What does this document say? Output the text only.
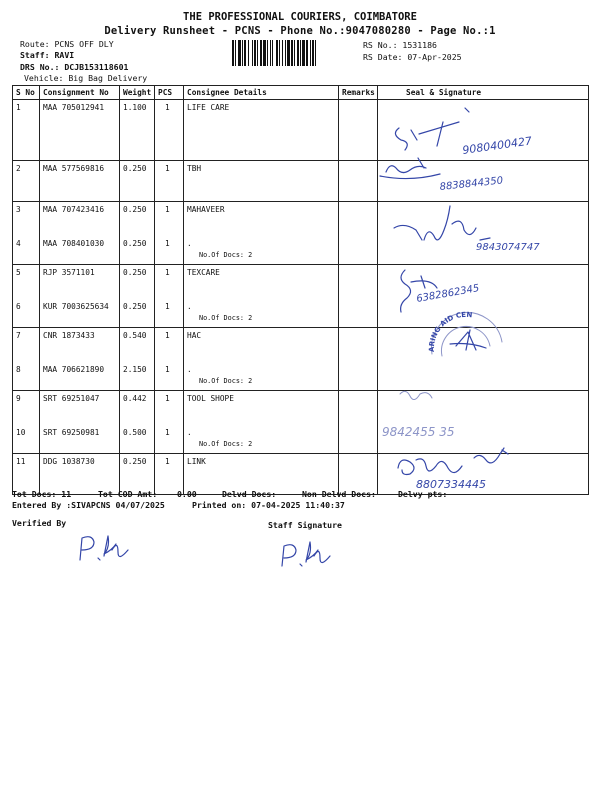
THE PROFESSIONAL COURIERS, COIMBATORE
Delivery Runsheet - PCNS - Phone No.:9047080280 - Page No.:1
Route: PCNS OFF DLY
Staff: RAVI
DRS No.: DCJB153118601
Vehicle: Big Bag Delivery
RS No.: 1531186
RS Date: 07-Apr-2025
S No	Consignment No	Weight	PCS	Consignee Details	Remarks	Seal & Signature
1	MAA 705012941	1.100	1	LIFE CARE		
2	MAA 577569816	0.250	1	TBH		
3	MAA 707423416	0.250	1	MAHAVEER		
4	MAA 708401030	0.250	1	.
No.Of Docs: 2		

5	RJP 3571101	0.250	1	TEXCARE		
6	KUR 7003625634	0.250	1	.
No.Of Docs: 2		

7	CNR 1873433	0.540	1	HAC		
8	MAA 706621890	2.150	1	.
No.Of Docs: 2		

9	SRT 69251047	0.442	1	TOOL SHOPE		
10	SRT 69250981	0.500	1	.
No.Of Docs: 2		

11	DDG 1038730	0.250	1	LINK		
9080400427
8838844350
9843074747
6382862345
ARING AID CEN
9842455 35
8807334445
Tot Docs: 11	Tot COD Amt: 0.00	Delvd Docs:	Non Delvd Docs:	Delvy pts:
Entered By :SIVAPCNS 04/07/2025	Printed on: 07-04-2025 11:40:37
Verified By	Staff Signature
